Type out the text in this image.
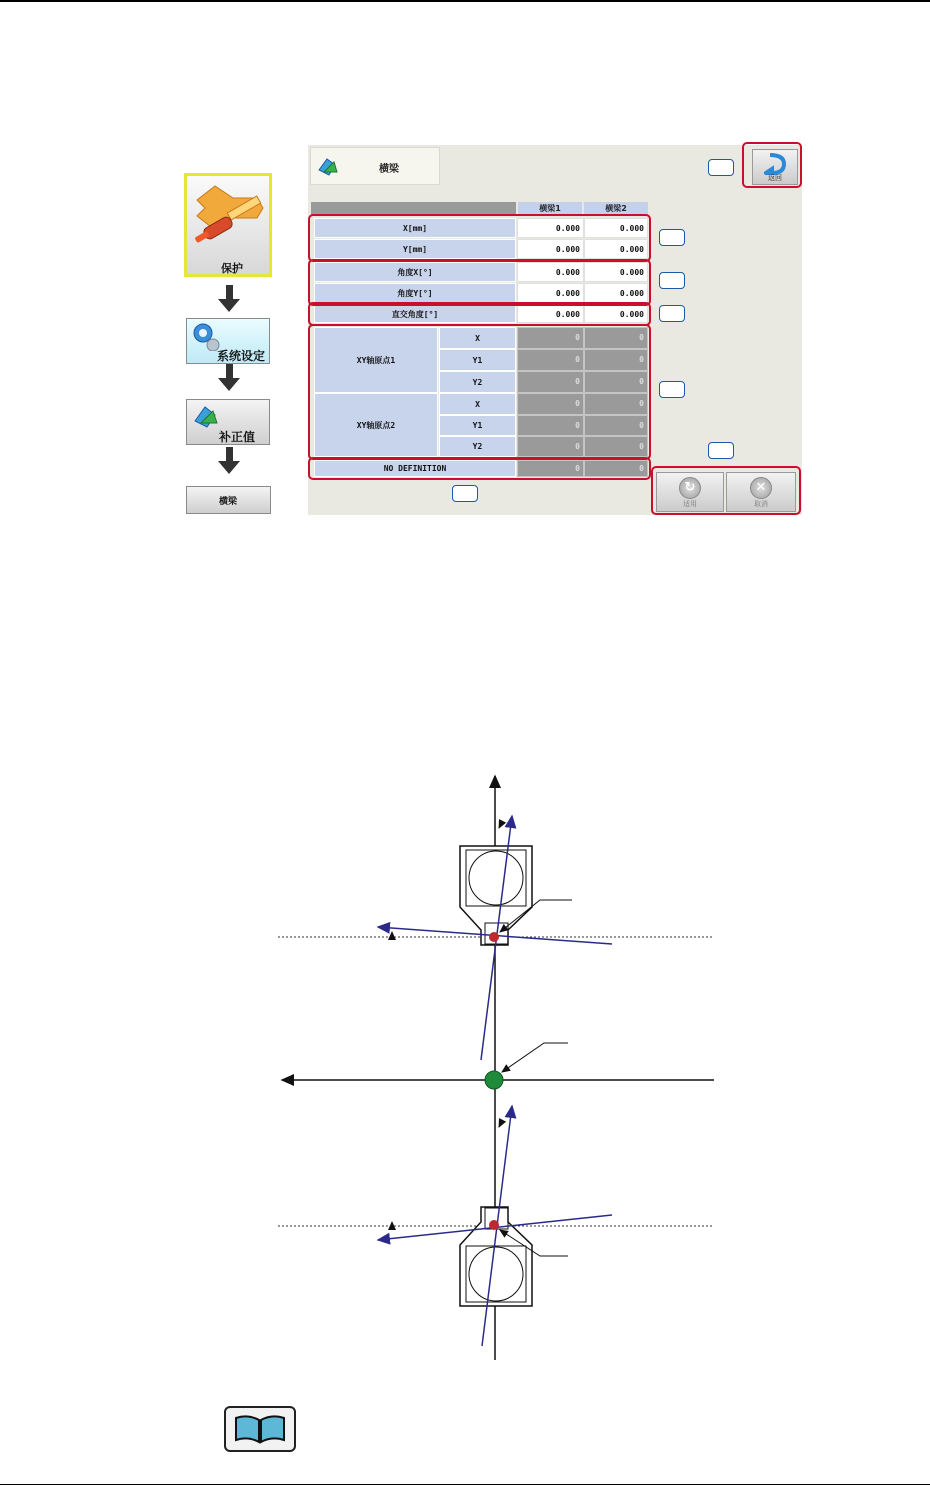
保护
系统设定
补正值
横梁
横梁
返回
横梁1	横梁2
X[mm]	0.000	0.000
Y[mm]	0.000	0.000
角度X[°]	0.000	0.000
角度Y[°]	0.000	0.000
直交角度[°]	0.000	0.000
XY轴原点1
X	0	0
Y1	0	0
Y2	0	0
XY轴原点2
X	0	0
Y1	0	0
Y2	0	0
NO DEFINITION	0	0
↻
适用
✕
取消
